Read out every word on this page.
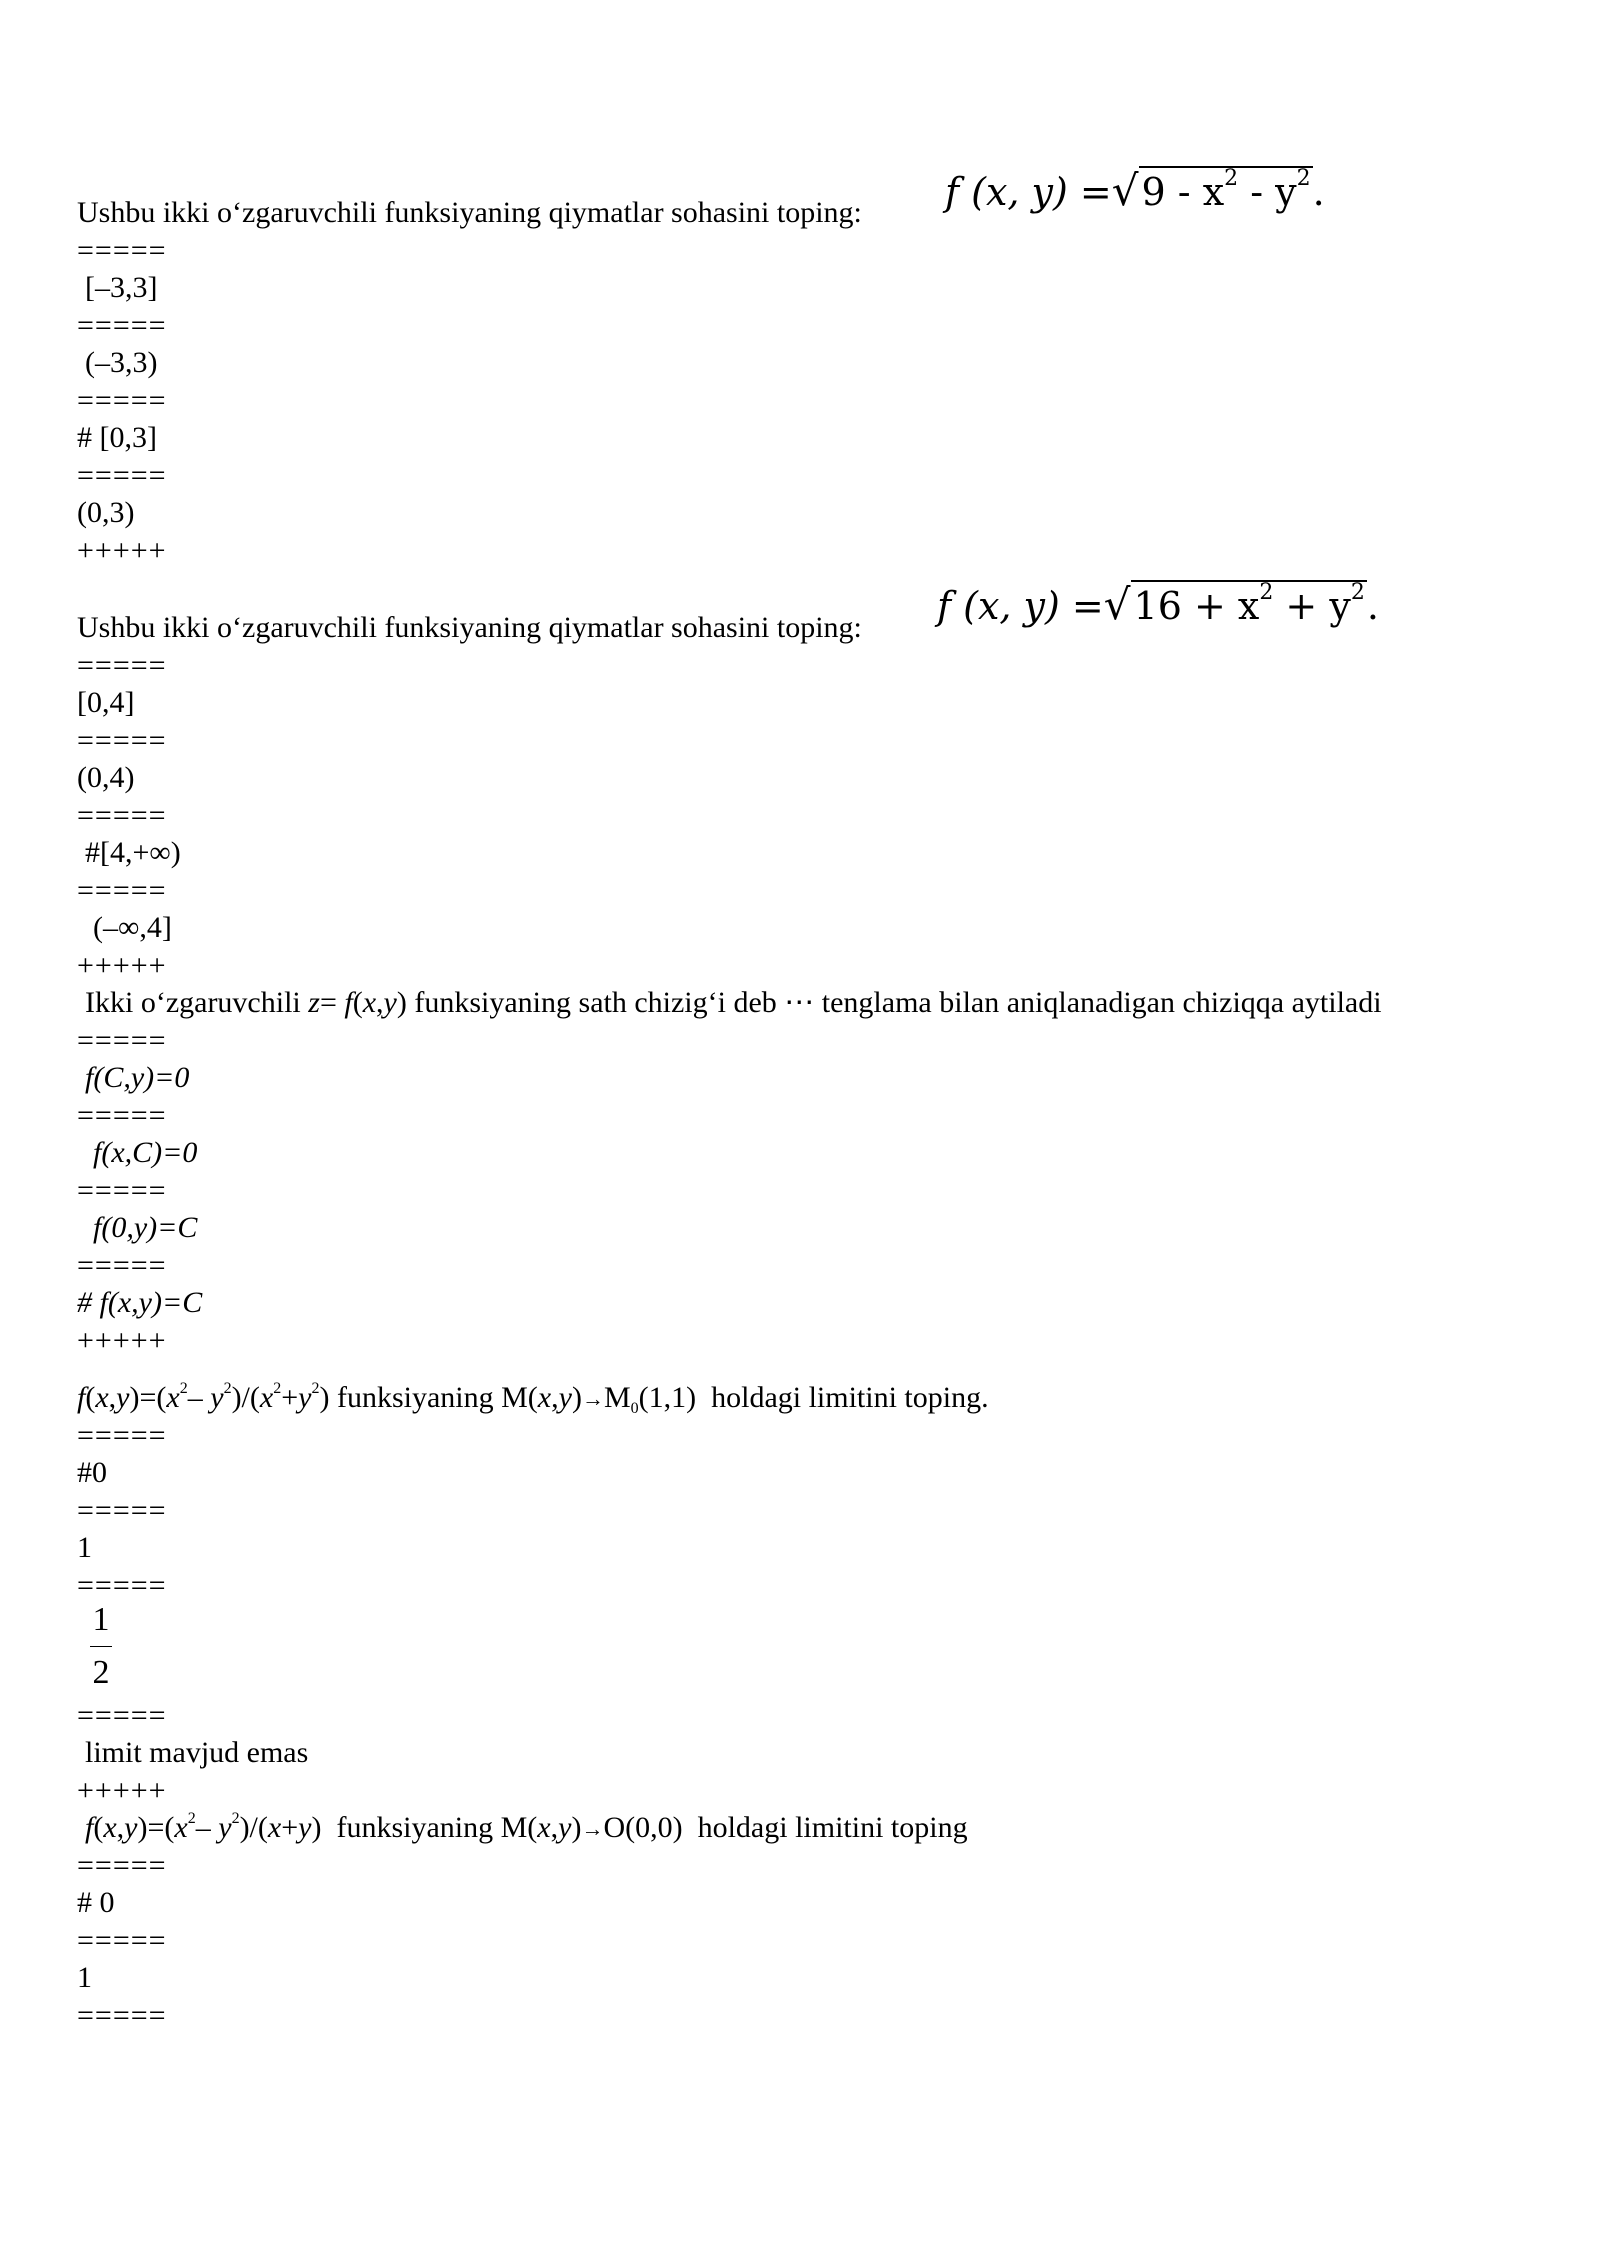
Ushbu ikki o‘zgaruvchili funksiyaning qiymatlar sohasini toping: f (x, $y) =√9 - x^2 - y^2$.
=====
[–3,3]
=====
(–3,3)
=====
# [0,3]
=====
(0,3)
+++++
Ushbu ikki o‘zgaruvchili funksiyaning qiymatlar sohasini toping: f (x, $y) =√16 + x^2 + y^2$.
=====
[0,4]
=====
(0,4)
=====
#[4,+∞)
=====
(–∞,4]
+++++
Ikki o‘zgaruvchili z= f(x,y) funksiyaning sath chizig‘i deb ⋯ tenglama bilan aniqlanadigan chiziqqa aytiladi
=====
f(C,y)=0
=====
f(x,C)=0
=====
f(0,y)=C
=====
# f(x,y)=C
+++++
$f(x,y)=(x^2-$ $y^2)/(x^2+y^2)$ funksiyaning $M(x,y)\to M_0(1,1)$  holdagi limitini toping.
=====
#0
=====
1
=====
1
2
=====
limit mavjud emas
+++++
$f(x,y)=(x^2-$ $y^2)/(x+y)$  funksiyaning M(x,y)→O(0,0)  holdagi limitini toping
=====
# 0
=====
1
=====
